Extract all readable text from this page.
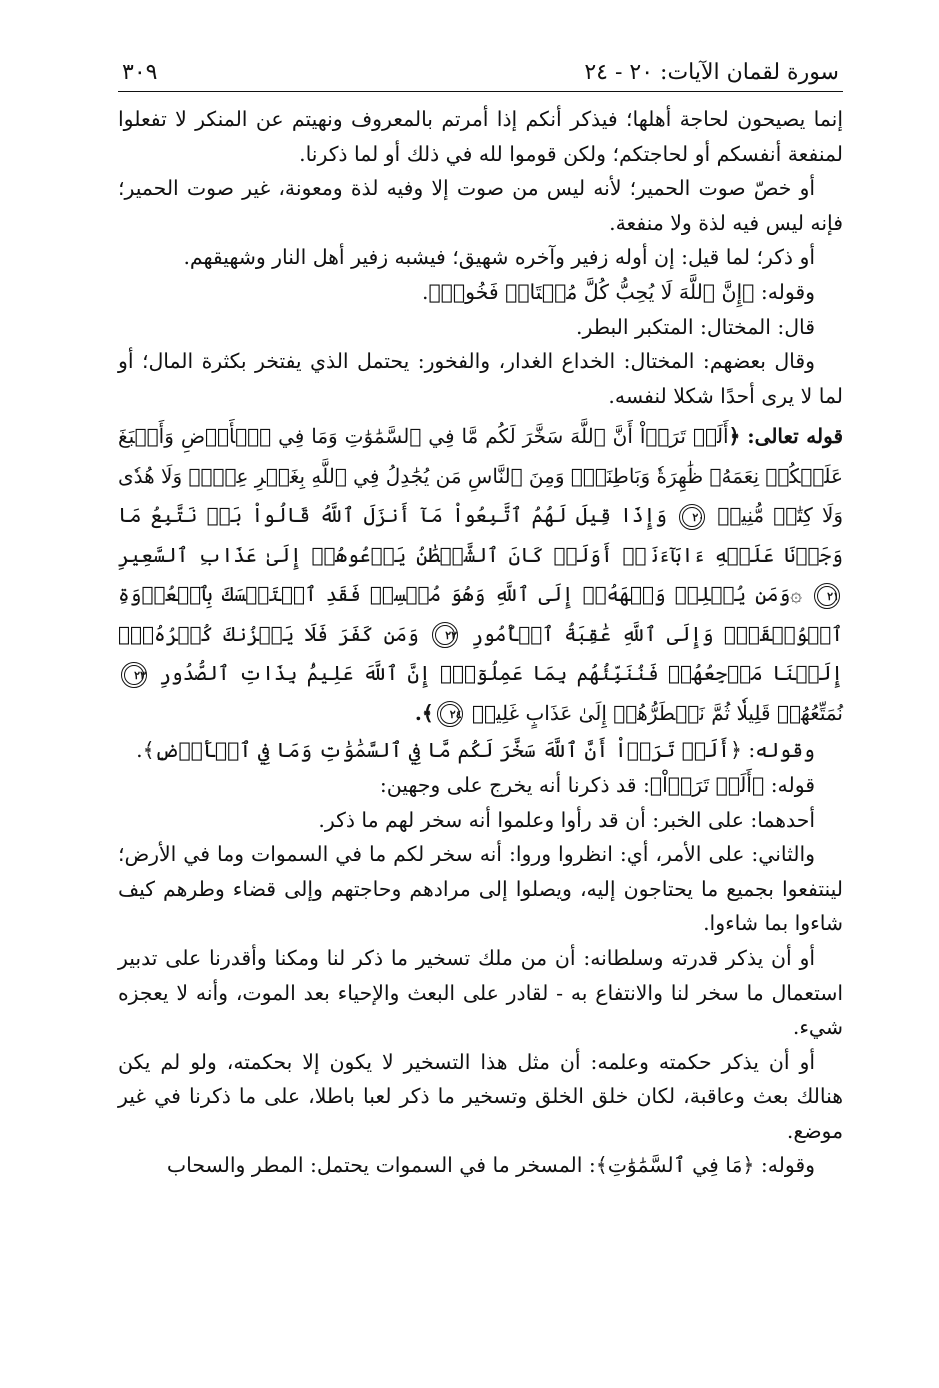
سورة لقمان الآيات: ٢٠ - ٢٤
٣٠٩

إنما يصيحون لحاجة أهلها؛ فيذكر أنكم إذا أمرتم بالمعروف ونهيتم عن المنكر لا تفعلوا لمنفعة أنفسكم أو لحاجتكم؛ ولكن قوموا لله في ذلك أو لما ذكرنا.

أو خصّ صوت الحمير؛ لأنه ليس من صوت إلا وفيه لذة ومعونة، غير صوت الحمير؛ فإنه ليس فيه لذة ولا منفعة.

أو ذكر؛ لما قيل: إن أوله زفير وآخره شهيق؛ فيشبه زفير أهل النار وشهيقهم.

وقوله: ﴿إِنَّ ٱللَّهَ لَا يُحِبُّ كُلَّ مُخۡتَالٖ فَخُورٖ﴾.

قال: المختال: المتكبر البطر.

وقال بعضهم: المختال: الخداع الغدار، والفخور: يحتمل الذي يفتخر بكثرة المال؛ أو لما لا يرى أحدًا شكلا لنفسه.

قوله تعالى: ﴿أَلَمۡ تَرَوۡاْ أَنَّ ٱللَّهَ سَخَّرَ لَكُم مَّا فِي ٱلسَّمَٰوَٰتِ وَمَا فِي ٱلۡأَرۡضِ وَأَسۡبَغَ عَلَيۡكُمۡ نِعَمَهُۥ ظَٰهِرَةٗ وَبَاطِنَةٗۗ وَمِنَ ٱلنَّاسِ مَن يُجَٰدِلُ فِي ٱللَّهِ بِغَيۡرِ عِلۡمٖ وَلَا هُدٗى وَلَا كِتَٰبٖ مُّنِيرٖ ٢٠ وَإِذَا قِيلَ لَهُمُ ٱتَّبِعُواْ مَآ أَنزَلَ ٱللَّهُ قَالُواْ بَلۡ نَتَّبِعُ مَا وَجَدۡنَا عَلَيۡهِ ءَابَآءَنَآۚ أَوَلَوۡ كَانَ ٱلشَّيۡطَٰنُ يَدۡعُوهُمۡ إِلَىٰ عَذَابِ ٱلسَّعِيرِ ٢١ ۞وَمَن يُسۡلِمۡ وَجۡهَهُۥٓ إِلَى ٱللَّهِ وَهُوَ مُحۡسِنٞ فَقَدِ ٱسۡتَمۡسَكَ بِٱلۡعُرۡوَةِ ٱلۡوُثۡقَىٰۗ وَإِلَى ٱللَّهِ عَٰقِبَةُ ٱلۡأُمُورِ ٢٢ وَمَن كَفَرَ فَلَا يَحۡزُنكَ كُفۡرُهُۥٓۚ إِلَيۡنَا مَرۡجِعُهُمۡ فَنُنَبِّئُهُم بِمَا عَمِلُوٓاْۚ إِنَّ ٱللَّهَ عَلِيمُۢ بِذَاتِ ٱلصُّدُورِ ٢٣ نُمَتِّعُهُمۡ قَلِيلٗا ثُمَّ نَضۡطَرُّهُمۡ إِلَىٰ عَذَابٍ غَلِيظٖ ٢٤﴾.

وقوله: ﴿أَلَمۡ تَرَوۡاْ أَنَّ ٱللَّهَ سَخَّرَ لَكُم مَّا فِي ٱلسَّمَٰوَٰتِ وَمَا فِي ٱلۡأَرۡضِ﴾.

قوله: ﴿أَلَمۡ تَرَوۡاْ﴾: قد ذكرنا أنه يخرج على وجهين:

أحدهما: على الخبر: أن قد رأوا وعلموا أنه سخر لهم ما ذكر.

والثاني: على الأمر، أي: انظروا وروا: أنه سخر لكم ما في السموات وما في الأرض؛ لينتفعوا بجميع ما يحتاجون إليه، ويصلوا إلى مرادهم وحاجتهم وإلى قضاء وطرهم كيف شاءوا بما شاءوا.

أو أن يذكر قدرته وسلطانه: أن من ملك تسخير ما ذكر لنا ومكنا وأقدرنا على تدبير استعمال ما سخر لنا والانتفاع به - لقادر على البعث والإحياء بعد الموت، وأنه لا يعجزه شيء.

أو أن يذكر حكمته وعلمه: أن مثل هذا التسخير لا يكون إلا بحكمته، ولو لم يكن هنالك بعث وعاقبة، لكان خلق الخلق وتسخير ما ذكر لعبا باطلا، على ما ذكرنا في غير موضع.

وقوله: ﴿مَا فِي ٱلسَّمَٰوَٰتِ﴾: المسخر ما في السموات يحتمل: المطر والسحاب
